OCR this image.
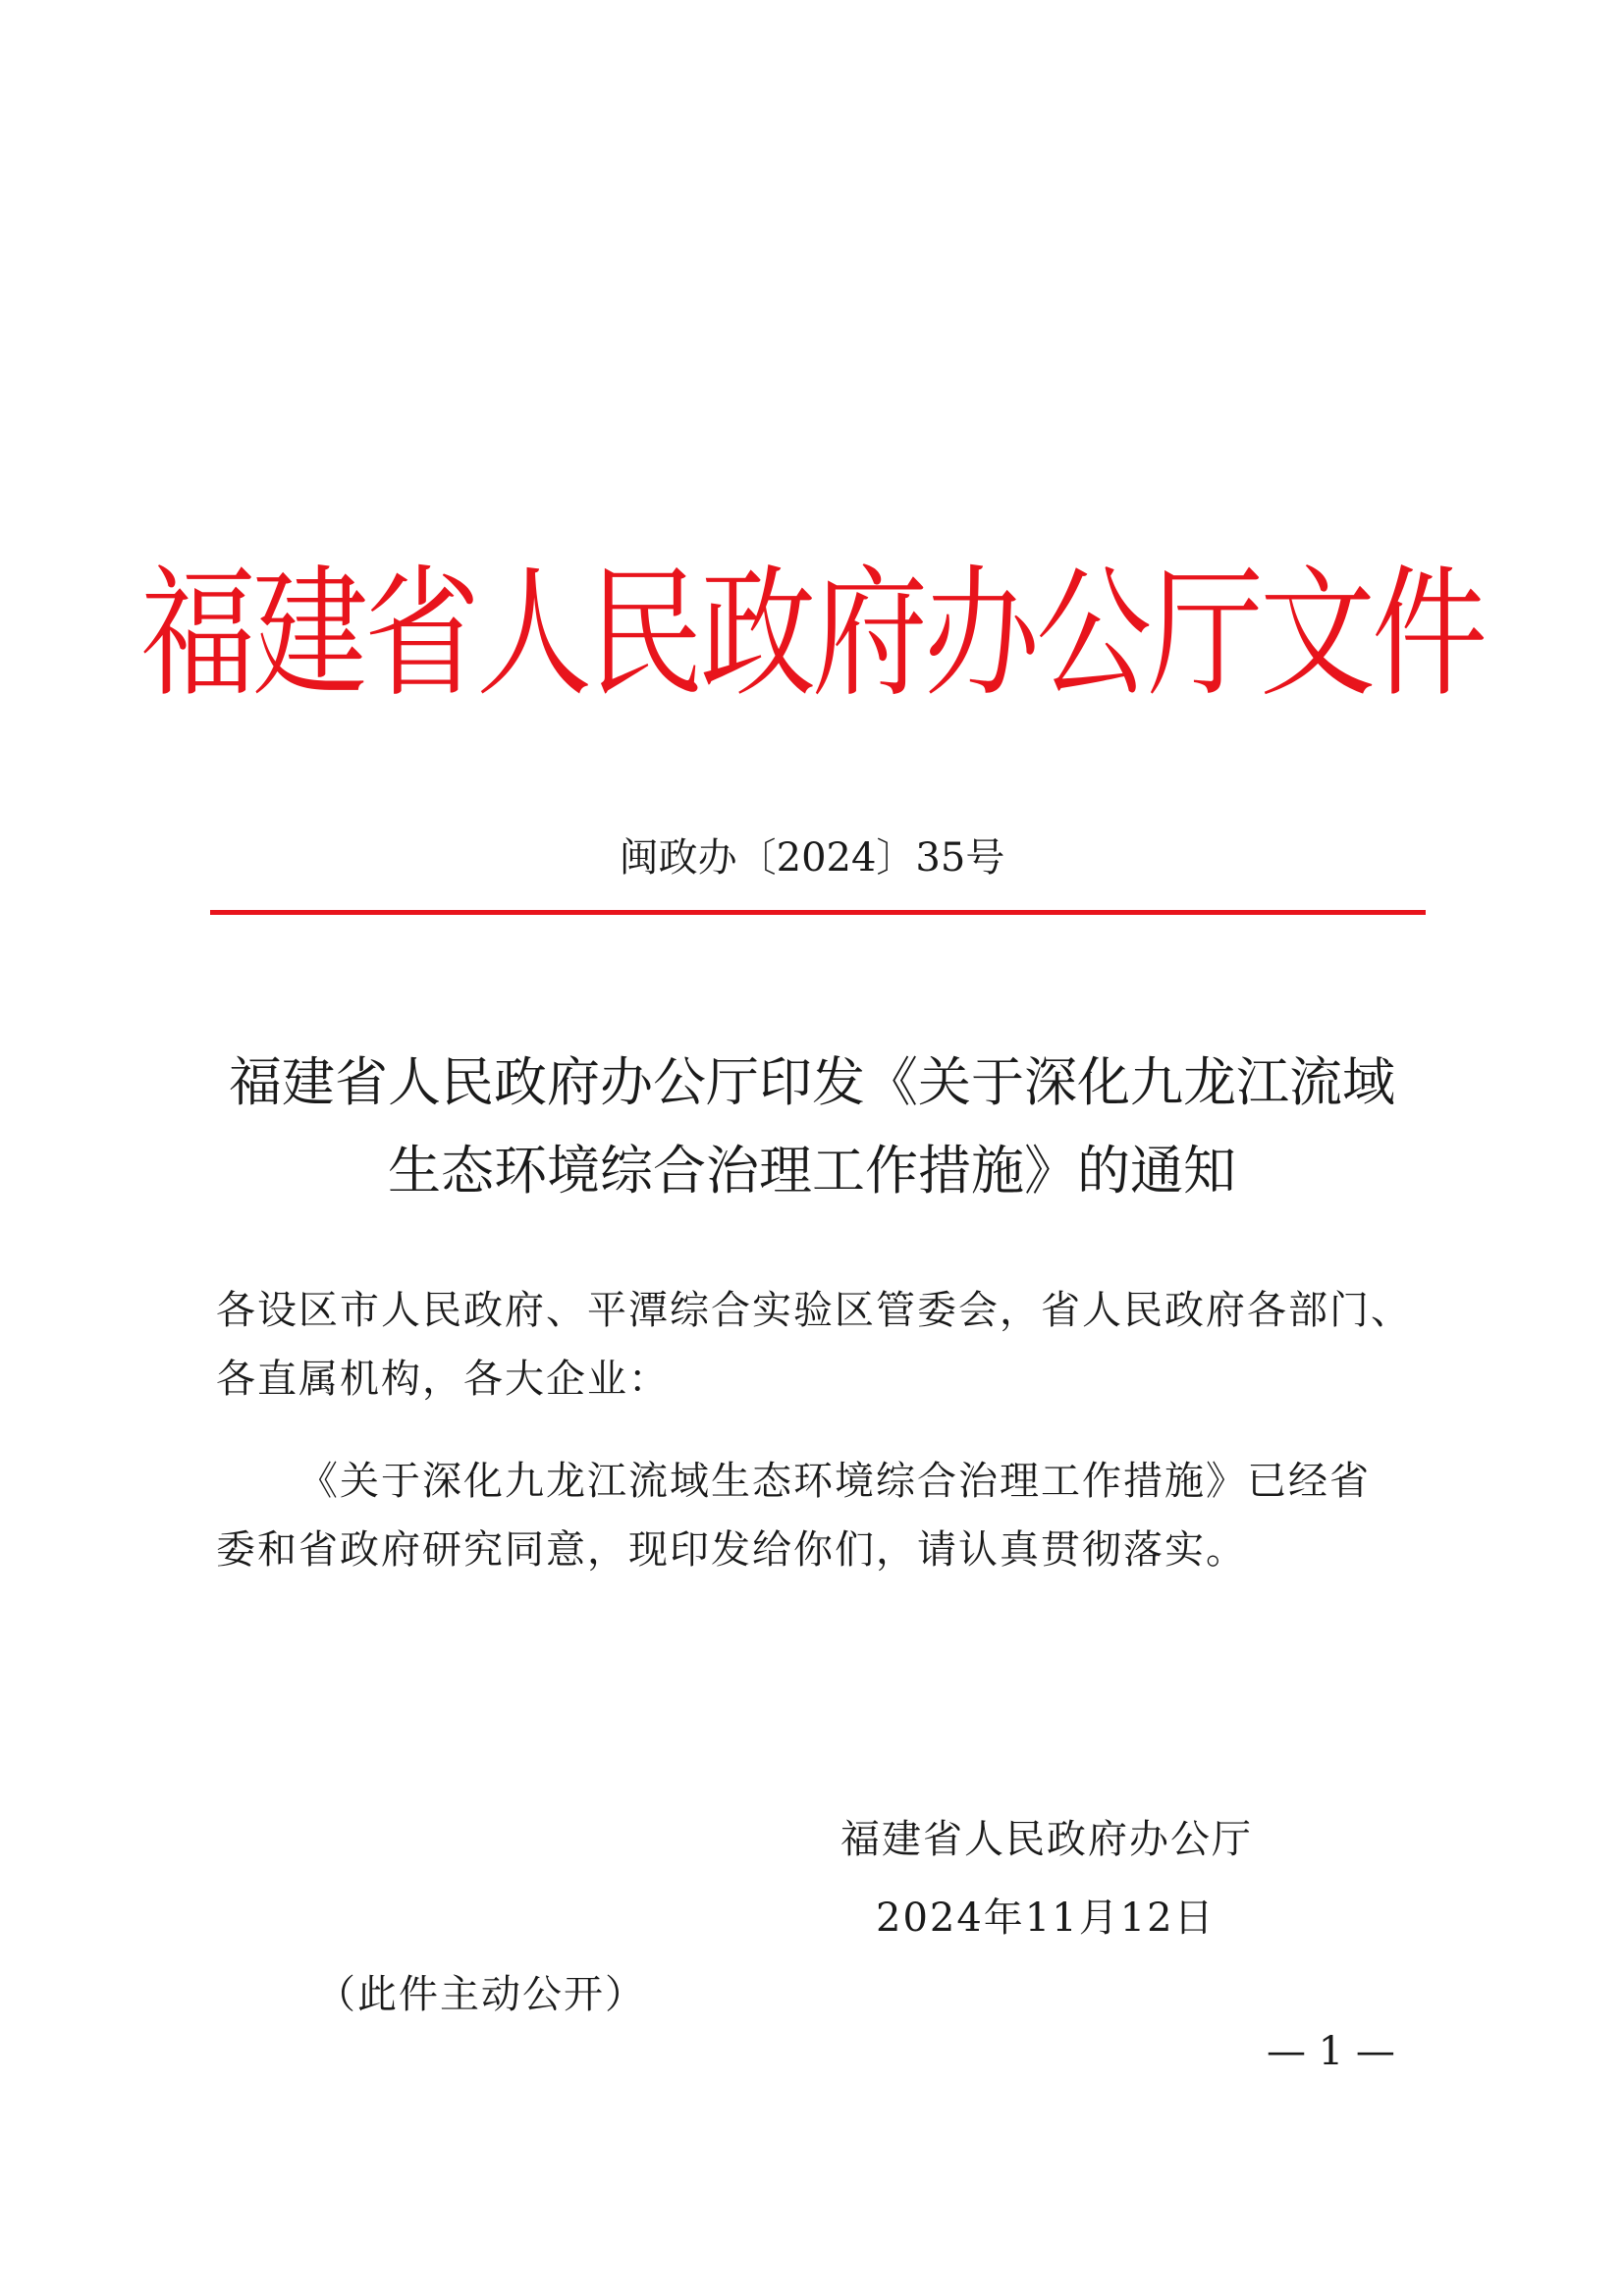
福建省人民政府办公厅文件
闽政办〔2024〕35号
福建省人民政府办公厅印发《关于深化九龙江流域
生态环境综合治理工作措施》的通知
各设区市人民政府、平潭综合实验区管委会，省人民政府各部门、
各直属机构，各大企业：
《关于深化九龙江流域生态环境综合治理工作措施》已经省
委和省政府研究同意，现印发给你们，请认真贯彻落实。
福建省人民政府办公厅
2024年11月12日
（此件主动公开）
— 1 —
